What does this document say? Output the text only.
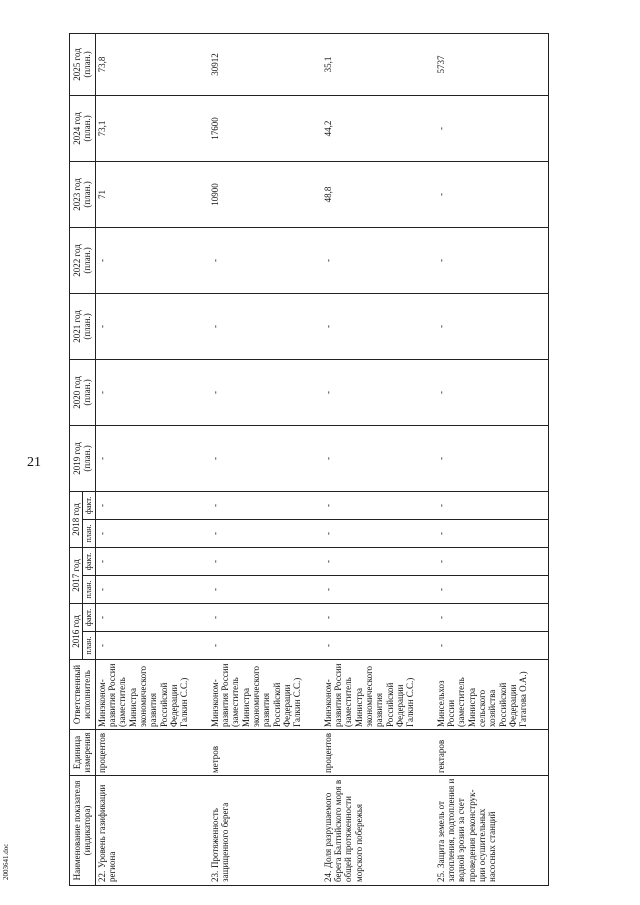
21
Наименование показателя (индикатора)	Единица измерения	Ответственный исполнитель	2016 год		2017 год		2018 год		2019 год (план.)	2020 год (план.)	2021 год (план.)	2022 год (план.)	2023 год (план.)	2024 год (план.)	2025 год (план.)
			план.	факт.	план.	факт.	план.	факт.							
22.Уровень газификации региона	процентов	Минэконом-развития России (заместитель Министра экономического развития Российской Федерации Галкин С.С.)	-	-	-	-	-	-	-	-	-	-	71	73,1	73,8
23.Протяженность защищенного берега	метров	Минэконом-развития России (заместитель Министра экономического развития Российской Федерации Галкин С.С.)	-	-	-	-	-	-	-	-	-	-	10900	17600	30912
24.Доля разрушаемого берега Балтийского моря в общей протяженности морского побережья	процентов	Минэконом-развития России (заместитель Министра экономического развития Российской Федерации Галкин С.С.)	-	-	-	-	-	-	-	-	-	-	48,8	44,2	35,1
25.Защита земель от затопления, подтопления и водной эрозии за счет проведения реконструк-ции осушительных насосных станций	гектаров	Минсельхоз России (заместитель Министра сельского хозяйства Российской Федерации Гатагова О.А.)	-	-	-	-	-	-	-	-	-	-	-	-	5737
2003641.doc
